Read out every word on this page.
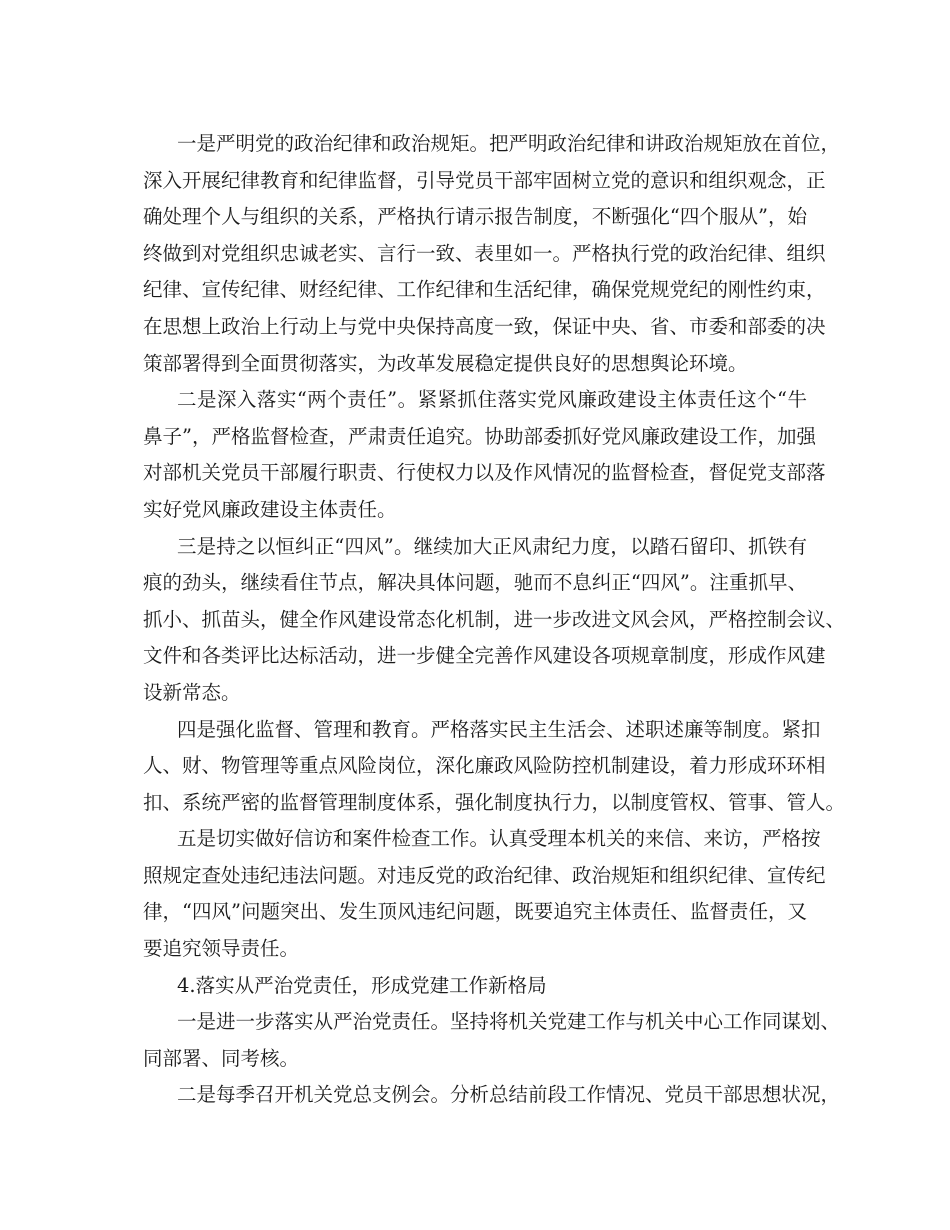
一是严明党的政治纪律和政治规矩。把严明政治纪律和讲政治规矩放在首位，
深入开展纪律教育和纪律监督，引导党员干部牢固树立党的意识和组织观念，正
确处理个人与组织的关系，严格执行请示报告制度，不断强化“四个服从”，始
终做到对党组织忠诚老实、言行一致、表里如一。严格执行党的政治纪律、组织
纪律、宣传纪律、财经纪律、工作纪律和生活纪律，确保党规党纪的刚性约束，
在思想上政治上行动上与党中央保持高度一致，保证中央、省、市委和部委的决
策部署得到全面贯彻落实，为改革发展稳定提供良好的思想舆论环境。
二是深入落实“两个责任”。紧紧抓住落实党风廉政建设主体责任这个“牛
鼻子”，严格监督检查，严肃责任追究。协助部委抓好党风廉政建设工作，加强
对部机关党员干部履行职责、行使权力以及作风情况的监督检查，督促党支部落
实好党风廉政建设主体责任。
三是持之以恒纠正“四风”。继续加大正风肃纪力度，以踏石留印、抓铁有
痕的劲头，继续看住节点，解决具体问题，驰而不息纠正“四风”。注重抓早、
抓小、抓苗头，健全作风建设常态化机制，进一步改进文风会风，严格控制会议、
文件和各类评比达标活动，进一步健全完善作风建设各项规章制度，形成作风建
设新常态。
四是强化监督、管理和教育。严格落实民主生活会、述职述廉等制度。紧扣
人、财、物管理等重点风险岗位，深化廉政风险防控机制建设，着力形成环环相
扣、系统严密的监督管理制度体系，强化制度执行力，以制度管权、管事、管人。
五是切实做好信访和案件检查工作。认真受理本机关的来信、来访，严格按
照规定查处违纪违法问题。对违反党的政治纪律、政治规矩和组织纪律、宣传纪
律，“四风”问题突出、发生顶风违纪问题，既要追究主体责任、监督责任，又
要追究领导责任。
4.落实从严治党责任，形成党建工作新格局
一是进一步落实从严治党责任。坚持将机关党建工作与机关中心工作同谋划、
同部署、同考核。
二是每季召开机关党总支例会。分析总结前段工作情况、党员干部思想状况，
